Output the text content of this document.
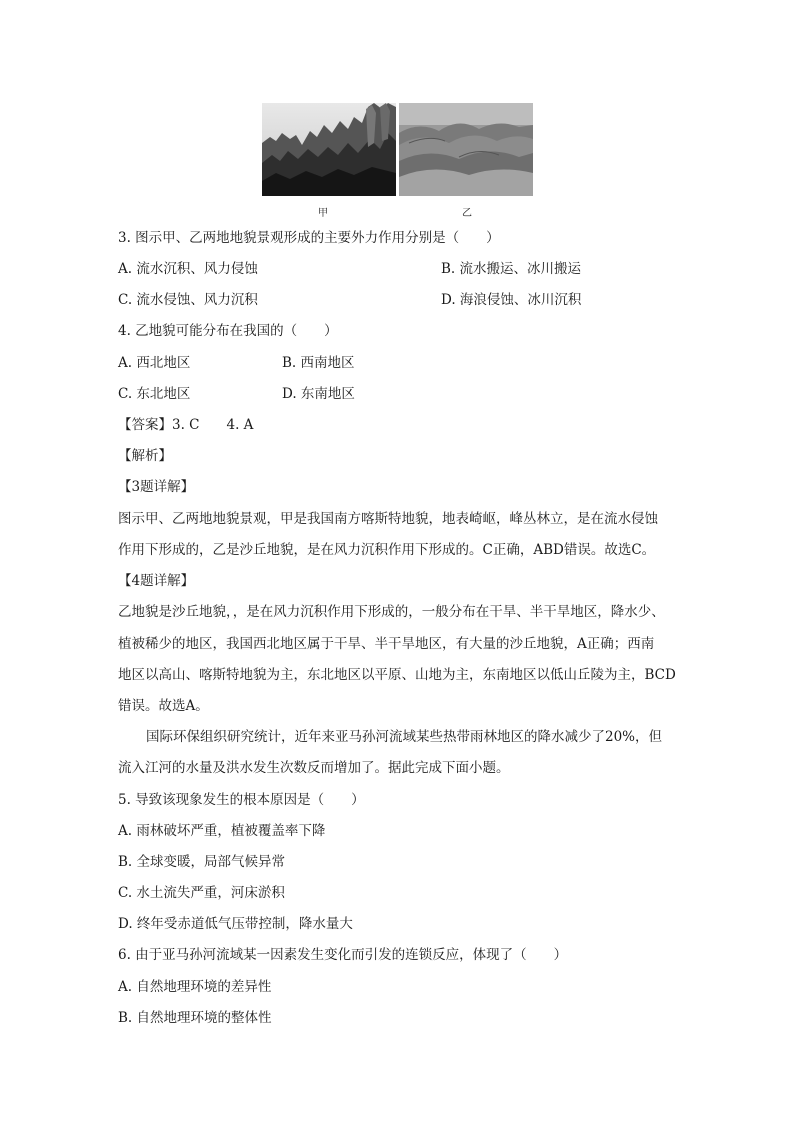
甲	乙
3. 图示甲、乙两地地貌景观形成的主要外力作用分别是（　　）
A. 流水沉积、风力侵蚀	B. 流水搬运、冰川搬运
C. 流水侵蚀、风力沉积	D. 海浪侵蚀、冰川沉积
4. 乙地貌可能分布在我国的（　　）
A. 西北地区	B. 西南地区
C. 东北地区	D. 东南地区
【答案】3. C　　4. A
【解析】
【3题详解】
图示甲、乙两地地貌景观，甲是我国南方喀斯特地貌，地表崎岖，峰丛林立，是在流水侵蚀
作用下形成的，乙是沙丘地貌，是在风力沉积作用下形成的。C正确，ABD错误。故选C。
【4题详解】
乙地貌是沙丘地貌，，是在风力沉积作用下形成的，一般分布在干旱、半干旱地区，降水少、
植被稀少的地区，我国西北地区属于干旱、半干旱地区，有大量的沙丘地貌，A正确；西南
地区以高山、喀斯特地貌为主，东北地区以平原、山地为主，东南地区以低山丘陵为主，BCD
错误。故选A。
国际环保组织研究统计，近年来亚马孙河流域某些热带雨林地区的降水减少了20%，但
流入江河的水量及洪水发生次数反而增加了。据此完成下面小题。
5. 导致该现象发生的根本原因是（　　）
A. 雨林破坏严重，植被覆盖率下降
B. 全球变暖，局部气候异常
C. 水土流失严重，河床淤积
D. 终年受赤道低气压带控制，降水量大
6. 由于亚马孙河流域某一因素发生变化而引发的连锁反应，体现了（　　）
A. 自然地理环境的差异性
B. 自然地理环境的整体性
